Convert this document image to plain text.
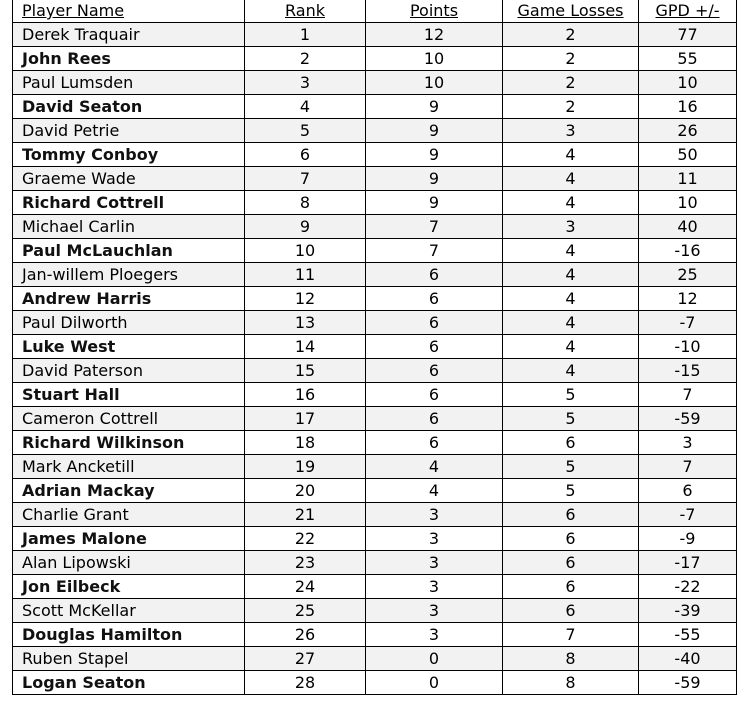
Player Name	Rank	Points	Game Losses	GPD +/-
Derek Traquair	1	12	2	77
John Rees	2	10	2	55
Paul Lumsden	3	10	2	10
David Seaton	4	9	2	16
David Petrie	5	9	3	26
Tommy Conboy	6	9	4	50
Graeme Wade	7	9	4	11
Richard Cottrell	8	9	4	10
Michael Carlin	9	7	3	40
Paul McLauchlan	10	7	4	-16
Jan-willem Ploegers	11	6	4	25
Andrew Harris	12	6	4	12
Paul Dilworth	13	6	4	-7
Luke West	14	6	4	-10
David Paterson	15	6	4	-15
Stuart Hall	16	6	5	7
Cameron Cottrell	17	6	5	-59
Richard Wilkinson	18	6	6	3
Mark Ancketill	19	4	5	7
Adrian Mackay	20	4	5	6
Charlie Grant	21	3	6	-7
James Malone	22	3	6	-9
Alan Lipowski	23	3	6	-17
Jon Eilbeck	24	3	6	-22
Scott McKellar	25	3	6	-39
Douglas Hamilton	26	3	7	-55
Ruben Stapel	27	0	8	-40
Logan Seaton	28	0	8	-59
